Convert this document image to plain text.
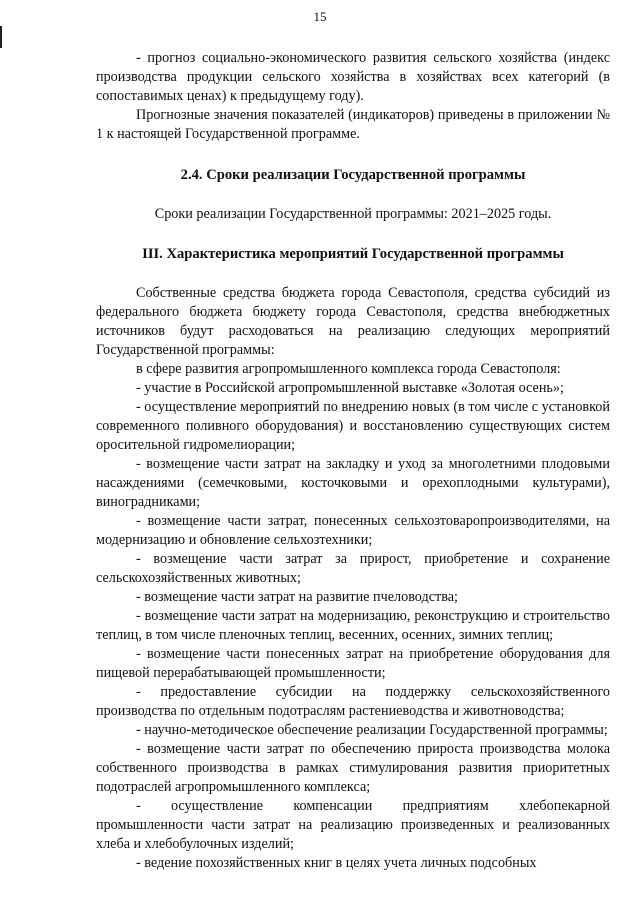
15

- прогноз социально-экономического развития сельского хозяйства (индекс производства продукции сельского хозяйства в хозяйствах всех категорий (в сопоставимых ценах) к предыдущему году).

Прогнозные значения показателей (индикаторов) приведены в приложении № 1 к настоящей Государственной программе.

2.4. Сроки реализации Государственной программы

Сроки реализации Государственной программы: 2021–2025 годы.

III. Характеристика мероприятий Государственной программы

Собственные средства бюджета города Севастополя, средства субсидий из федерального бюджета бюджету города Севастополя, средства внебюджетных источников будут расходоваться на реализацию следующих мероприятий Государственной программы:

в сфере развития агропромышленного комплекса города Севастополя:

- участие в Российской агропромышленной выставке «Золотая осень»;

- осуществление мероприятий по внедрению новых (в том числе с установкой современного поливного оборудования) и восстановлению существующих систем оросительной гидромелиорации;

- возмещение части затрат на закладку и уход за многолетними плодовыми насаждениями (семечковыми, косточковыми и орехоплодными культурами), виноградниками;

- возмещение части затрат, понесенных сельхозтоваропроизводителями, на модернизацию и обновление сельхозтехники;

- возмещение части затрат за прирост, приобретение и сохранение сельскохозяйственных животных;

- возмещение части затрат на развитие пчеловодства;

- возмещение части затрат на модернизацию, реконструкцию и строительство теплиц, в том числе пленочных теплиц, весенних, осенних, зимних теплиц;

- возмещение части понесенных затрат на приобретение оборудования для пищевой перерабатывающей промышленности;

- предоставление субсидии на поддержку сельскохозяйственного производства по отдельным подотраслям растениеводства и животноводства;

- научно-методическое обеспечение реализации Государственной программы;

- возмещение части затрат по обеспечению прироста производства молока собственного производства в рамках стимулирования развития приоритетных подотраслей агропромышленного комплекса;

- осуществление компенсации предприятиям хлебопекарной промышленности части затрат на реализацию произведенных и реализованных хлеба и хлебобулочных изделий;

- ведение похозяйственных книг в целях учета личных подсобных
